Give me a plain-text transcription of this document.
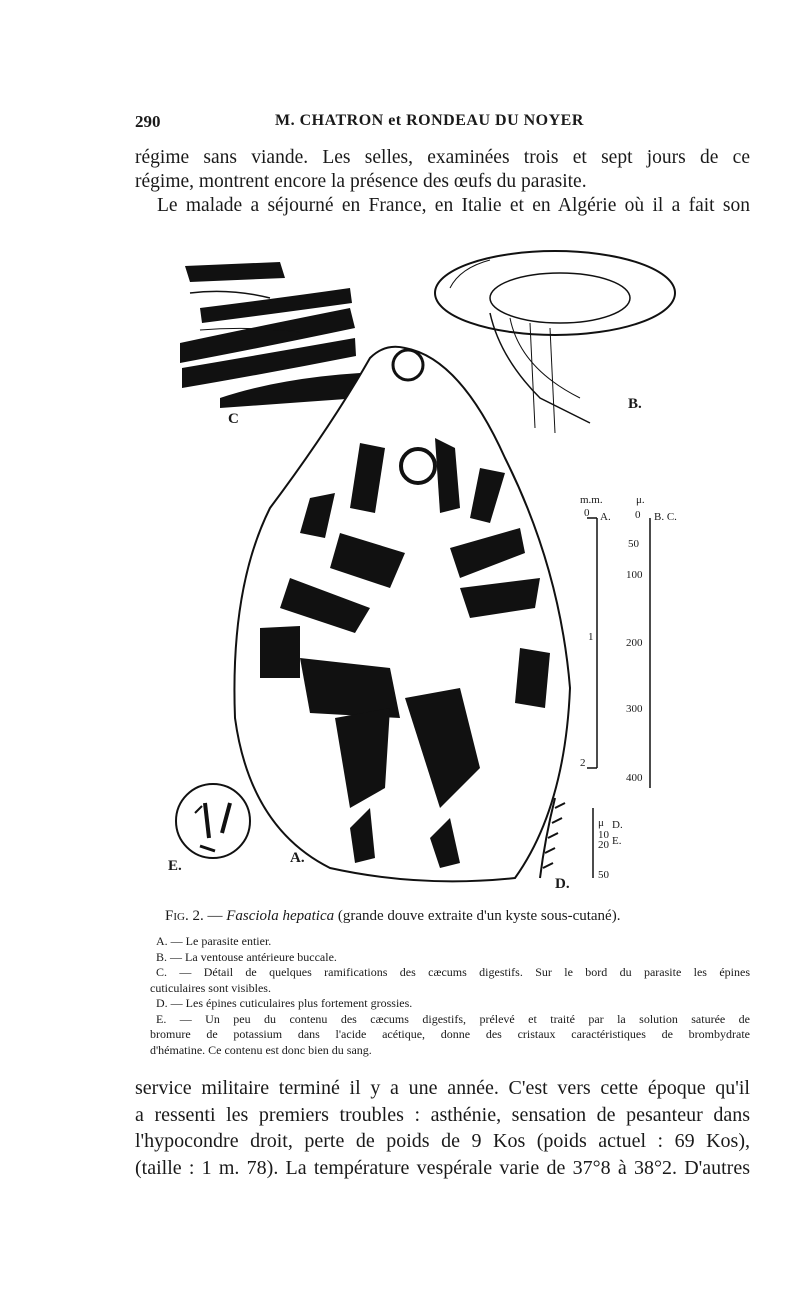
290	M. CHATRON et RONDEAU DU NOYER
régime sans viande. Les selles, examinées trois et sept jours de ce
régime, montrent encore la présence des œufs du parasite.
Le malade a séjourné en France, en Italie et en Algérie où il a fait son
C
B.
A.
E.
D.
m.m.
0 A.
1
2
μ.
0
50
100
200
300
400
B. C.
μ
10
20
50
D.
E.
Fig. 2. — Fasciola hepatica (grande douve extraite d'un kyste sous-cutané).
A. — Le parasite entier.
B. — La ventouse antérieure buccale.
C. — Détail de quelques ramifications des cæcums digestifs. Sur le bord du parasite les épines
cuticulaires sont visibles.
D. — Les épines cuticulaires plus fortement grossies.
E. — Un peu du contenu des cæcums digestifs, prélevé et traité par la solution saturée de
bromure de potassium dans l'acide acétique, donne des cristaux caractéristiques de brombydrate
d'hématine. Ce contenu est donc bien du sang.
service militaire terminé il y a une année. C'est vers cette époque qu'il
a ressenti les premiers troubles : asthénie, sensation de pesanteur dans
l'hypocondre droit, perte de poids de 9 Kos (poids actuel : 69 Kos),
(taille : 1 m. 78). La température vespérale varie de 37°8 à 38°2. D'autres
